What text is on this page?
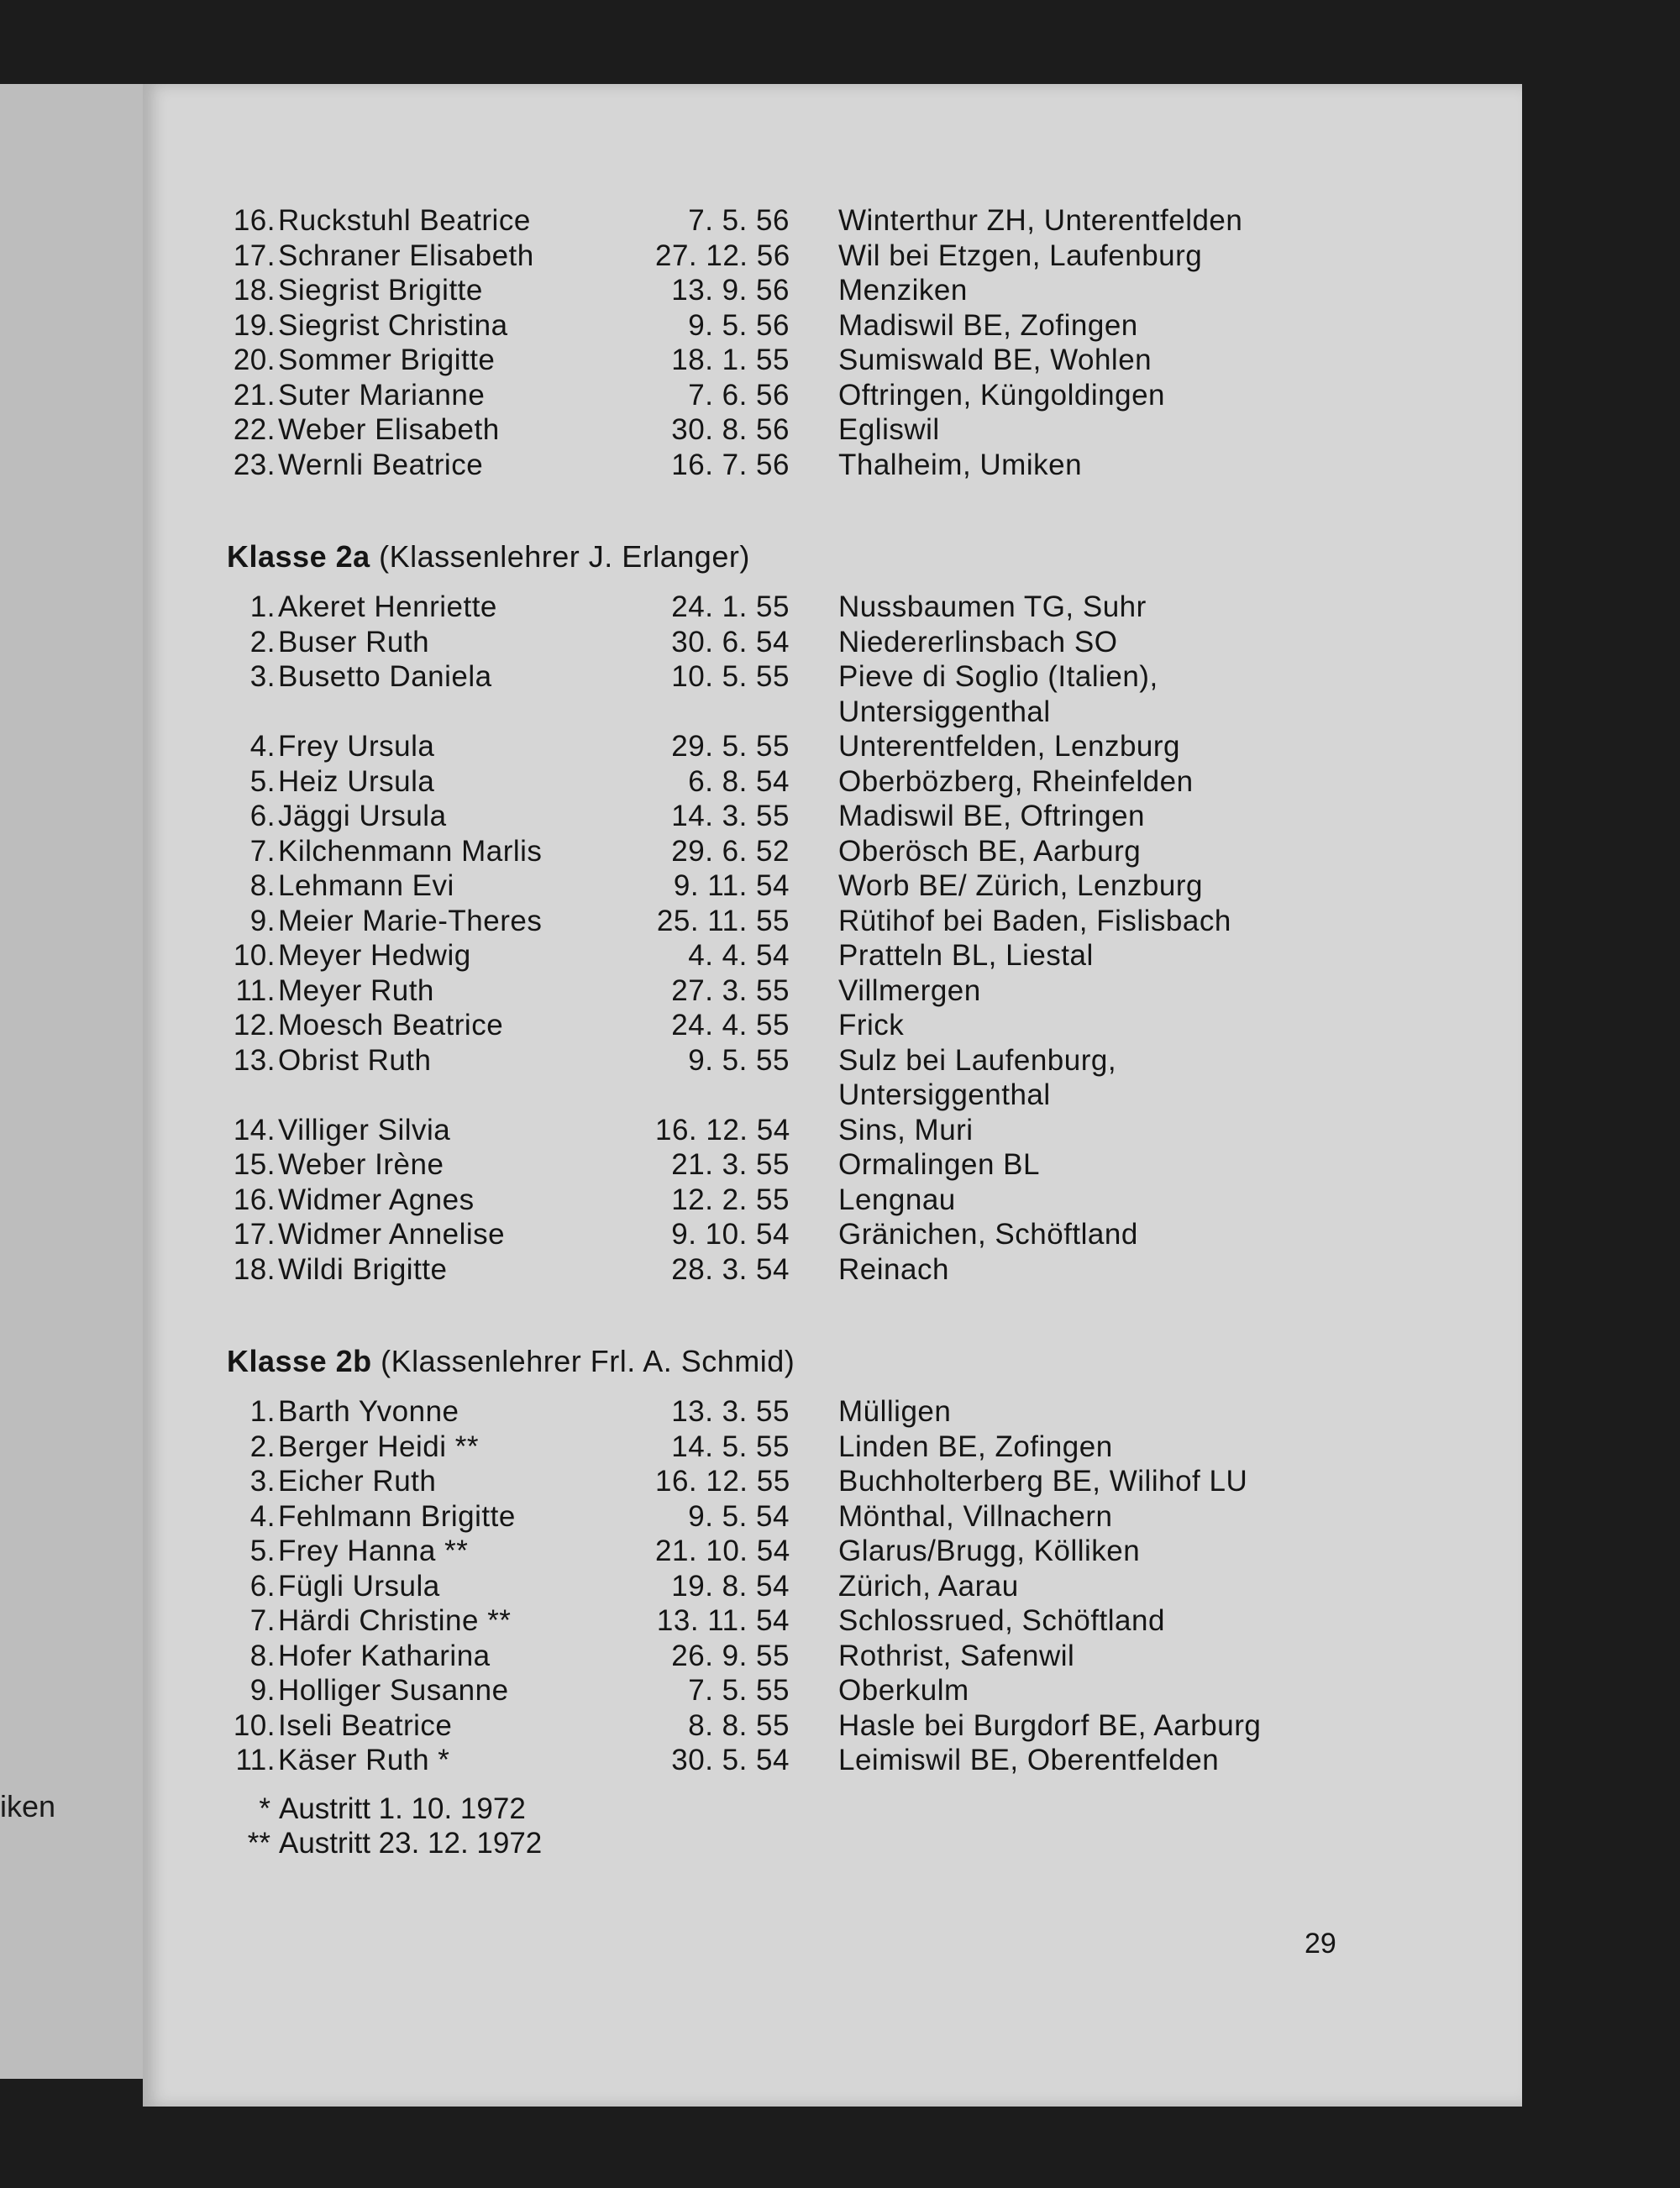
iken
16. Ruckstuhl Beatrice	7. 5. 56 Winterthur ZH, Unterentfelden
17. Schraner Elisabeth	27. 12. 56 Wil bei Etzgen, Laufenburg
18. Siegrist Brigitte	13. 9. 56 Menziken
19. Siegrist Christina	9. 5. 56 Madiswil BE, Zofingen
20. Sommer Brigitte	18. 1. 55 Sumiswald BE, Wohlen
21. Suter Marianne	7. 6. 56 Oftringen, Küngoldingen
22. Weber Elisabeth	30. 8. 56 Egliswil
23. Wernli Beatrice	16. 7. 56 Thalheim, Umiken
Klasse 2a (Klassenlehrer J. Erlanger)
1. Akeret Henriette	24. 1. 55 Nussbaumen TG, Suhr
2. Buser Ruth	30. 6. 54 Niedererlinsbach SO
3. Busetto Daniela	10. 5. 55 Pieve di Soglio (Italien),
Untersiggenthal
4. Frey Ursula	29. 5. 55 Unterentfelden, Lenzburg
5. Heiz Ursula	6. 8. 54 Oberbözberg, Rheinfelden
6. Jäggi Ursula	14. 3. 55 Madiswil BE, Oftringen
7. Kilchenmann Marlis	29. 6. 52 Oberösch BE, Aarburg
8. Lehmann Evi	9. 11. 54 Worb BE/ Zürich, Lenzburg
9. Meier Marie-Theres	25. 11. 55 Rütihof bei Baden, Fislisbach
10. Meyer Hedwig	4. 4. 54 Pratteln BL, Liestal
11. Meyer Ruth	27. 3. 55 Villmergen
12. Moesch Beatrice	24. 4. 55 Frick
13. Obrist Ruth	9. 5. 55 Sulz bei Laufenburg,
Untersiggenthal
14. Villiger Silvia	16. 12. 54 Sins, Muri
15. Weber Irène	21. 3. 55 Ormalingen BL
16. Widmer Agnes	12. 2. 55 Lengnau
17. Widmer Annelise	9. 10. 54 Gränichen, Schöftland
18. Wildi Brigitte	28. 3. 54 Reinach
Klasse 2b (Klassenlehrer Frl. A. Schmid)
1. Barth Yvonne	13. 3. 55 Mülligen
2. Berger Heidi **	14. 5. 55 Linden BE, Zofingen
3. Eicher Ruth	16. 12. 55 Buchholterberg BE, Wilihof LU
4. Fehlmann Brigitte	9. 5. 54 Mönthal, Villnachern
5. Frey Hanna **	21. 10. 54 Glarus/Brugg, Kölliken
6. Fügli Ursula	19. 8. 54 Zürich, Aarau
7. Härdi Christine **	13. 11. 54 Schlossrued, Schöftland
8. Hofer Katharina	26. 9. 55 Rothrist, Safenwil
9. Holliger Susanne	7. 5. 55 Oberkulm
10. Iseli Beatrice	8. 8. 55 Hasle bei Burgdorf BE, Aarburg
11. Käser Ruth *	30. 5. 54 Leimiswil BE, Oberentfelden
* Austritt 1. 10. 1972
** Austritt 23. 12. 1972
29
